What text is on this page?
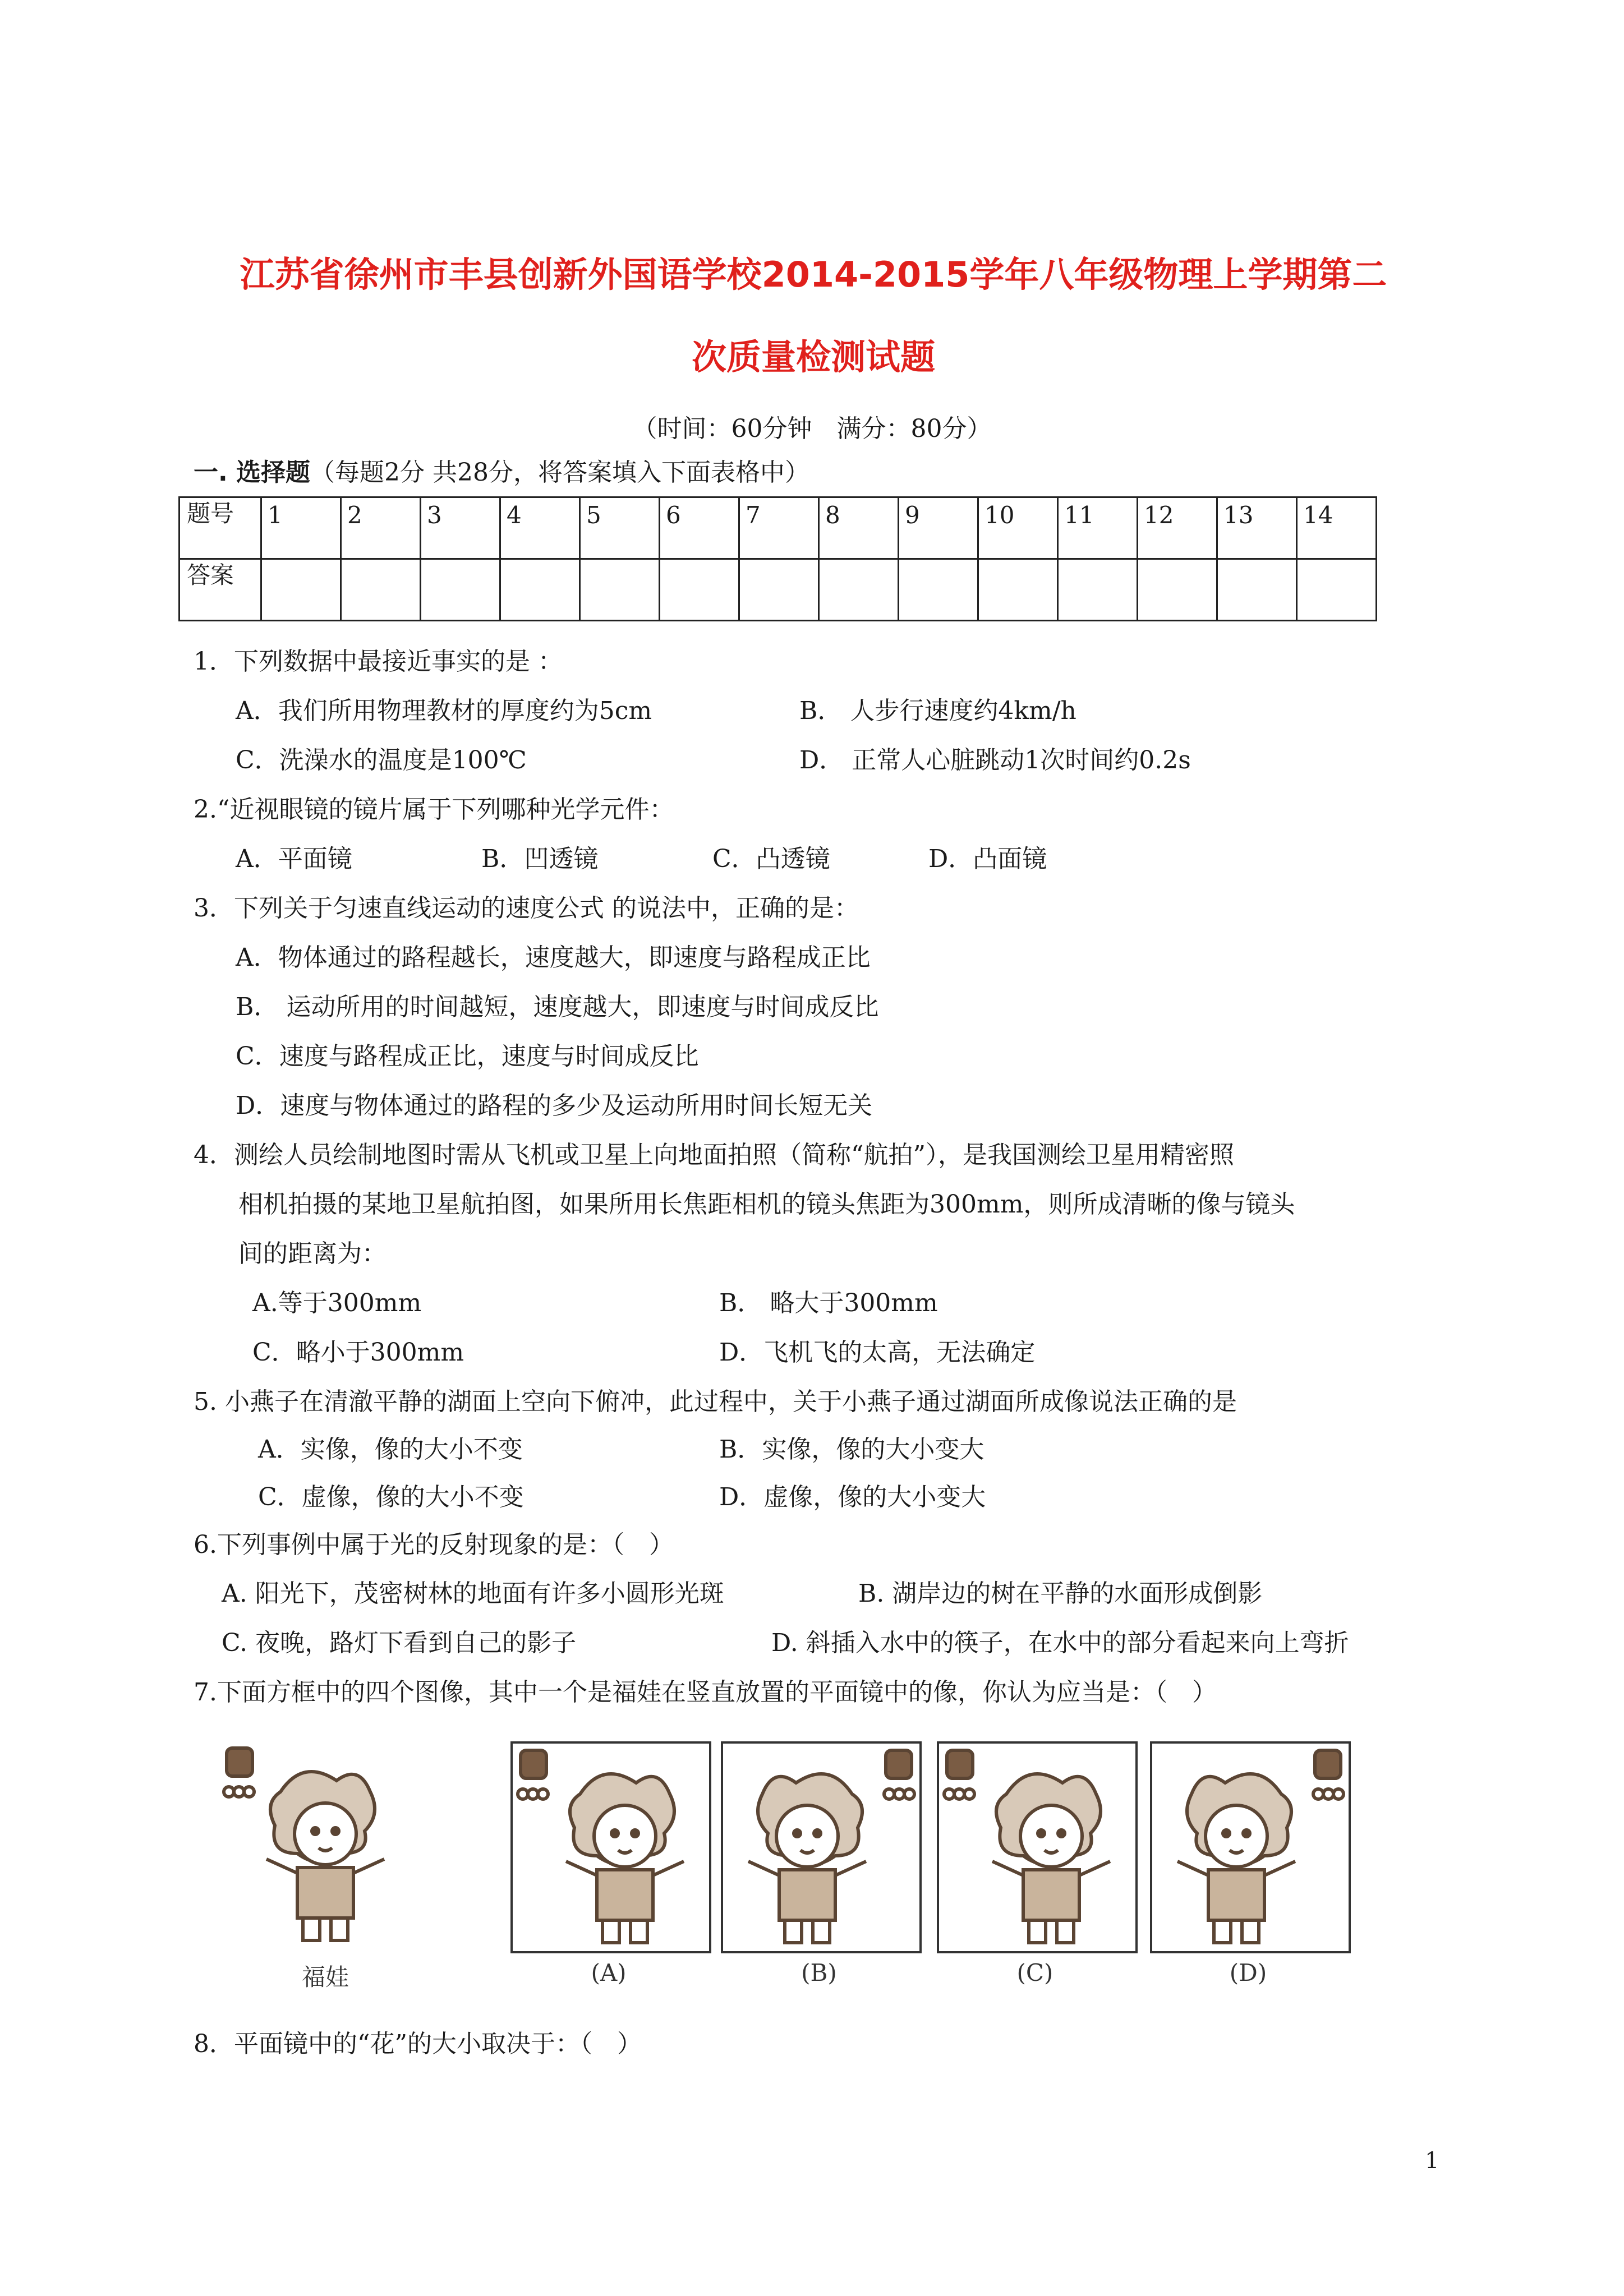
江苏省徐州市丰县创新外国语学校2014-2015学年八年级物理上学期第二
次质量检测试题
（时间：60分钟　满分：80分）
一. 选择题（每题2分 共28分，将答案填入下面表格中）
题号	1	2	3	4	5	6	7	8	9	10	11	12	13	14
答案														
1．下列数据中最接近事实的是 ：
A．我们所用物理教材的厚度约为5cm	B． 人步行速度约4km/h
C．洗澡水的温度是100℃	D． 正常人心脏跳动1次时间约0.2s
2.“近视眼镜的镜片属于下列哪种光学元件：
A．平面镜	B．凹透镜	C．凸透镜	D．凸面镜
3．下列关于匀速直线运动的速度公式 的说法中，正确的是：
A．物体通过的路程越长，速度越大，即速度与路程成正比
B． 运动所用的时间越短，速度越大，即速度与时间成反比
C．速度与路程成正比，速度与时间成反比
D．速度与物体通过的路程的多少及运动所用时间长短无关
4．测绘人员绘制地图时需从飞机或卫星上向地面拍照（简称“航拍”），是我国测绘卫星用精密照
相机拍摄的某地卫星航拍图，如果所用长焦距相机的镜头焦距为300mm，则所成清晰的像与镜头
间的距离为：
A.等于300mm	B． 略大于300mm
C．略小于300mm	D．飞机飞的太高，无法确定
5. 小燕子在清澈平静的湖面上空向下俯冲，此过程中，关于小燕子通过湖面所成像说法正确的是
A．实像，像的大小不变	B．实像，像的大小变大
C．虚像，像的大小不变	D．虚像，像的大小变大
6.下列事例中属于光的反射现象的是：（　）
A. 阳光下，茂密树林的地面有许多小圆形光斑	B. 湖岸边的树在平静的水面形成倒影
C. 夜晚，路灯下看到自己的影子	D. 斜插入水中的筷子，在水中的部分看起来向上弯折
7.下面方框中的四个图像，其中一个是福娃在竖直放置的平面镜中的像，你认为应当是：（　）
福娃	(A)	(B)	(C)	(D)
8．平面镜中的“花”的大小取决于：（　）
1
